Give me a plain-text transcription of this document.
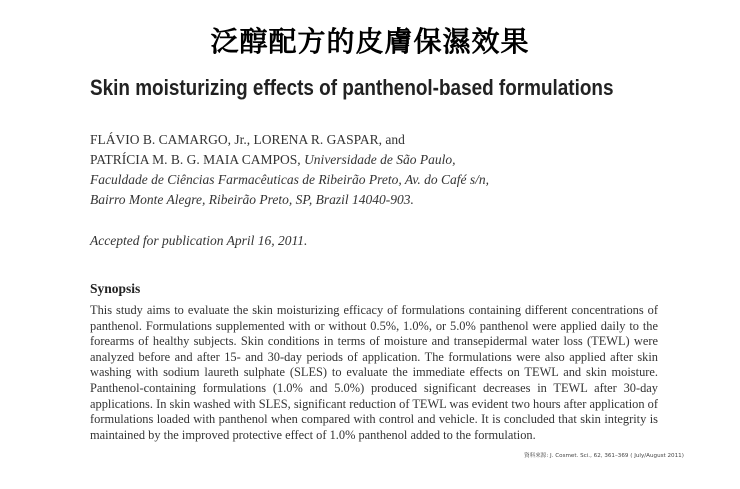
泛醇配方的皮膚保濕效果
Skin moisturizing effects of panthenol-based formulations
FLÁVIO B. CAMARGO, Jr., LORENA R. GASPAR, and
PATRÍCIA M. B. G. MAIA CAMPOS, Universidade de São Paulo,
Faculdade de Ciências Farmacêuticas de Ribeirão Preto, Av. do Café s/n,
Bairro Monte Alegre, Ribeirão Preto, SP, Brazil 14040-903.
Accepted for publication April 16, 2011.
Synopsis
This study aims to evaluate the skin moisturizing efficacy of formulations containing different concentrations of panthenol. Formulations supplemented with or without 0.5%, 1.0%, or 5.0% panthenol were applied daily to the forearms of healthy subjects. Skin conditions in terms of moisture and transepidermal water loss (TEWL) were analyzed before and after 15- and 30-day periods of application. The formulations were also applied after skin washing with sodium laureth sulphate (SLES) to evaluate the immediate effects on TEWL and skin moisture. Panthenol-containing formulations (1.0% and 5.0%) produced significant decreases in TEWL after 30-day applications. In skin washed with SLES, significant reduction of TEWL was evident two hours after application of formulations loaded with panthenol when compared with control and vehicle. It is concluded that skin integrity is maintained by the improved protective effect of 1.0% panthenol added to the formulation.
資料來源: J. Cosmet. Sci., 62, 361–369 ( July/August 2011)
